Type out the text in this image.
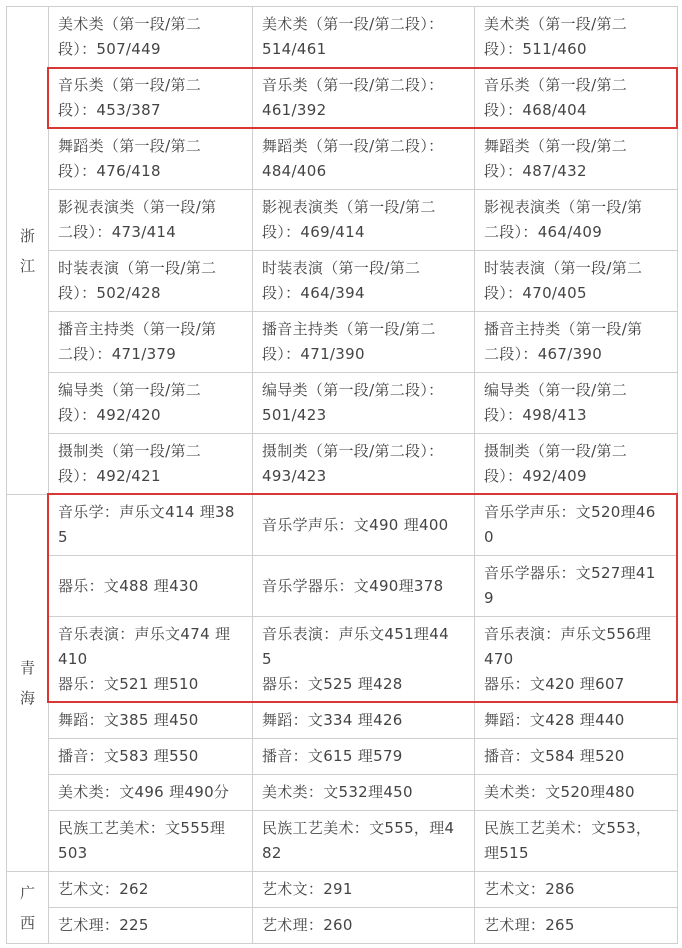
浙
江	美术类（第一段/第二
段）：507/449	美术类（第一段/第二段）：
514/461	美术类（第一段/第二
段）：511/460

	音乐类（第一段/第二
段）：453/387	音乐类（第一段/第二段）：
461/392	音乐类（第一段/第二
段）：468/404

	舞蹈类（第一段/第二
段）：476/418	舞蹈类（第一段/第二段）：
484/406	舞蹈类（第一段/第二
段）：487/432

	影视表演类（第一段/第
二段）：473/414	影视表演类（第一段/第二
段）：469/414	影视表演类（第一段/第
二段）：464/409

	时装表演（第一段/第二
段）：502/428	时装表演（第一段/第二
段）：464/394	时装表演（第一段/第二
段）：470/405

	播音主持类（第一段/第
二段）：471/379	播音主持类（第一段/第二
段）：471/390	播音主持类（第一段/第
二段）：467/390

	编导类（第一段/第二
段）：492/420	编导类（第一段/第二段）：
501/423	编导类（第一段/第二
段）：498/413

	摄制类（第一段/第二
段）：492/421	摄制类（第一段/第二段）：
493/423	摄制类（第一段/第二
段）：492/409

青
海	音乐学：声乐文414 理38
5	音乐学声乐：文490 理400	音乐学声乐：文520理46
0

	器乐：文488 理430	音乐学器乐：文490理378	音乐学器乐：文527理41
9

	音乐表演：声乐文474 理
410
器乐：文521 理510	音乐表演：声乐文451理44
5
器乐：文525 理428	音乐表演：声乐文556理
470
器乐：文420 理607

	舞蹈：文385 理450	舞蹈：文334 理426	舞蹈：文428 理440

	播音：文583 理550	播音：文615 理579	播音：文584 理520

	美术类：文496 理490分	美术类：文532理450	美术类：文520理480

	民族工艺美术：文555理
503	民族工艺美术：文555，理4
82	民族工艺美术：文553，
理515

广
西	艺术文：262	艺术文：291	艺术文：286

	艺术理：225	艺术理：260	艺术理：265
